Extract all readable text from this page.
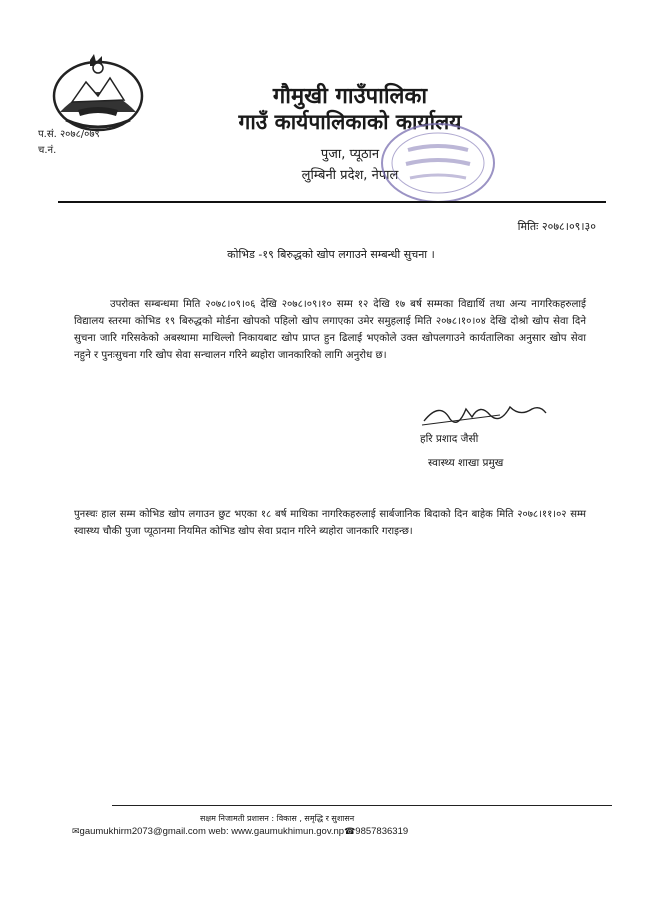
प.सं. २०७८/०७९
च.नं.
गौमुखी गाउँपालिका
गाउँ कार्यपालिकाको कार्यालय
पुजा, प्यूठान
लुम्बिनी प्रदेश, नेपाल
मितिः २०७८।०९।३०
कोभिड -१९ बिरुद्धको खोप लगाउने सम्बन्धी सुचना ।
उपरोक्त सम्बन्धमा मिति २०७८।०९।०६ देखि २०७८।०९।१० सम्म १२ देखि १७ बर्ष सम्मका विद्यार्थि तथा अन्य नागरिकहरुलाई विद्यालय स्तरमा कोभिड १९ बिरुद्धको मोर्डना खोपको पहिलो खोप लगाएका उमेर समुहलाई मिति २०७८।१०।०४ देखि दोश्रो खोप सेवा दिने सुचना जारि गरिसकेको अबस्थामा माथिल्लो निकायबाट खोप प्राप्त हुन ढिलाई भएकोले उक्त खोपलगाउने कार्यतालिका अनुसार खोप सेवा नहुने र पुनःसुचना गरि खोप सेवा सन्चालन गरिने ब्यहोरा जानकारिको लागि अनुरोध छ।
हरि प्रशाद जैसी
स्वास्थ्य शाखा प्रमुख
पुनस्चः हाल सम्म कोभिड खोप लगाउन छुट भएका १८ बर्ष माथिका नागरिकहरुलाई सार्बजानिक बिदाको दिन बाहेक मिति २०७८।११।०२ सम्म स्वास्थ्य चौकी पुजा प्यूठानमा नियमित कोभिड खोप सेवा प्रदान गरिने ब्यहोरा जानकारि गराइन्छ।
सक्षम निजामती प्रशासन : विकास , समृद्धि र सुशासन
✉gaumukhirm2073@gmail.com web: www.gaumukhimun.gov.np☎9857836319
